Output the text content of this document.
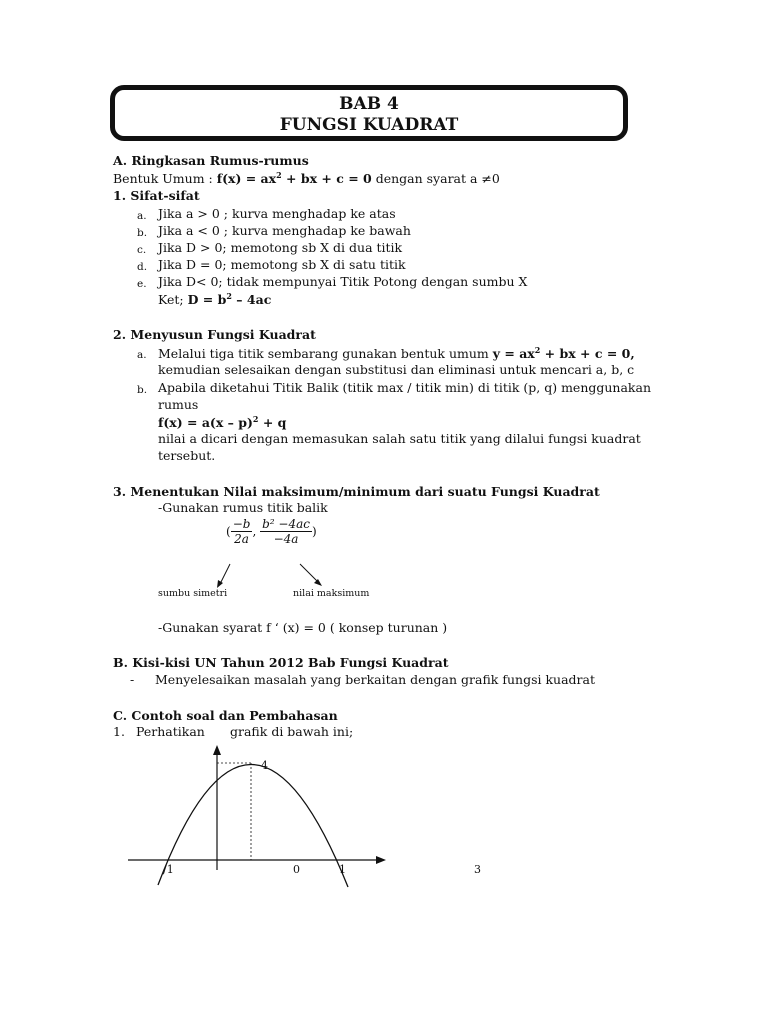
BAB 4
FUNGSI KUADRAT
A. Ringkasan Rumus-rumus
Bentuk Umum : $f(x) = ax^2$ + bx + c = 0 dengan syarat a ≠0
1. Sifat-sifat
a. Jika a > 0 ; kurva menghadap ke atas
b. Jika a < 0 ; kurva menghadap ke bawah
c. Jika D > 0; memotong sb X di dua titik
d. Jika D = 0; memotong sb X di satu titik
e. Jika D< 0; tidak mempunyai Titik Potong dengan sumbu X
Ket; $D = b^2 - 4ac$
2. Menyusun Fungsi Kuadrat
a. Melalui tiga titik sembarang gunakan bentuk umum $y = ax^2$ + bx + c = 0,
kemudian selesaikan dengan substitusi dan eliminasi untuk mencari a, b, c
b. Apabila diketahui Titik Balik (titik max / titik min) di titik (p, q) menggunakan
rumus
f(x) = a(x – p)$^2$ + q
nilai a dicari dengan memasukan salah satu titik yang dilalui fungsi kuadrat
tersebut.
3. Menentukan Nilai maksimum/minimum dari suatu Fungsi Kuadrat
-Gunakan rumus titik balik
( $\frac{-b}{2a}$ , $\frac{\text{b² −4ac}}{-4a}$ )
sumbu simetri	nilai maksimum
-Gunakan syarat f ‘ (x) = 0 ( konsep turunan )
B. Kisi-kisi UN Tahun 2012 Bab Fungsi Kuadrat
- Menyelesaikan masalah yang berkaitan dengan grafik fungsi kuadrat
C. Contoh soal dan Pembahasan
1. Perhatikan grafik di bawah ini;
4
/1	0	1	3
